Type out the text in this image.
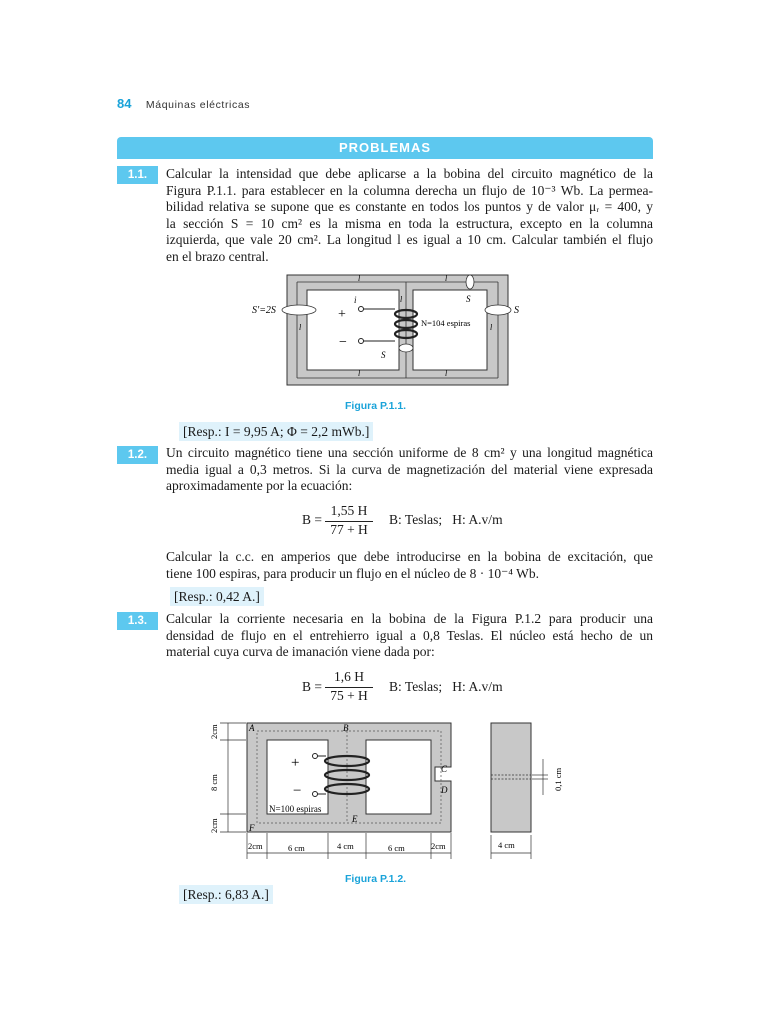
84 Máquinas eléctricas
PROBLEMAS
1.1.	Calcular la intensidad que debe aplicarse a la bobina del circuito magnético de la
Figura P.1.1. para establecer en la columna derecha un flujo de 10⁻³ Wb. La permea-
bilidad relativa se supone que es constante en todos los puntos y de valor μᵣ = 400, y
la sección S = 10 cm² es la misma en toda la estructura, excepto en la columna
izquierda, que vale 20 cm². La longitud l es igual a 10 cm. Calcular también el flujo
en el brazo central.
l	l
l	l
l
l
l
S′=2S	S
S
S
i
+
−
N=104 espiras
Figura P.1.1.
[Resp.: I = 9,95 A; Φ = 2,2 mWb.]
1.2.	Un circuito magnético tiene una sección uniforme de 8 cm² y una longitud magnética
media igual a 0,3 metros. Si la curva de magnetización del material viene expresada
aproximadamente por la ecuación:
B =
1,55 H
77 + H
B: Teslas;   H: A.v/m
Calcular la c.c. en amperios que debe introducirse en la bobina de excitación, que
tiene 100 espiras, para producir un flujo en el núcleo de 8 · 10⁻⁴ Wb.
[Resp.: 0,42 A.]
1.3.	Calcular la corriente necesaria en la bobina de la Figura P.1.2 para producir una
densidad de flujo en el entrehierro igual a 0,8 Teslas. El núcleo está hecho de un
material cuya curva de imanación viene dada por:
B =
1,6 H
75 + H
B: Teslas;   H: A.v/m
A	B
C
D
E
F
+
−
N=100 espiras
2cm	6 cm	4 cm	6 cm	2cm
2cm
8 cm
2cm
0,1 cm
4 cm
Figura P.1.2.
[Resp.: 6,83 A.]
